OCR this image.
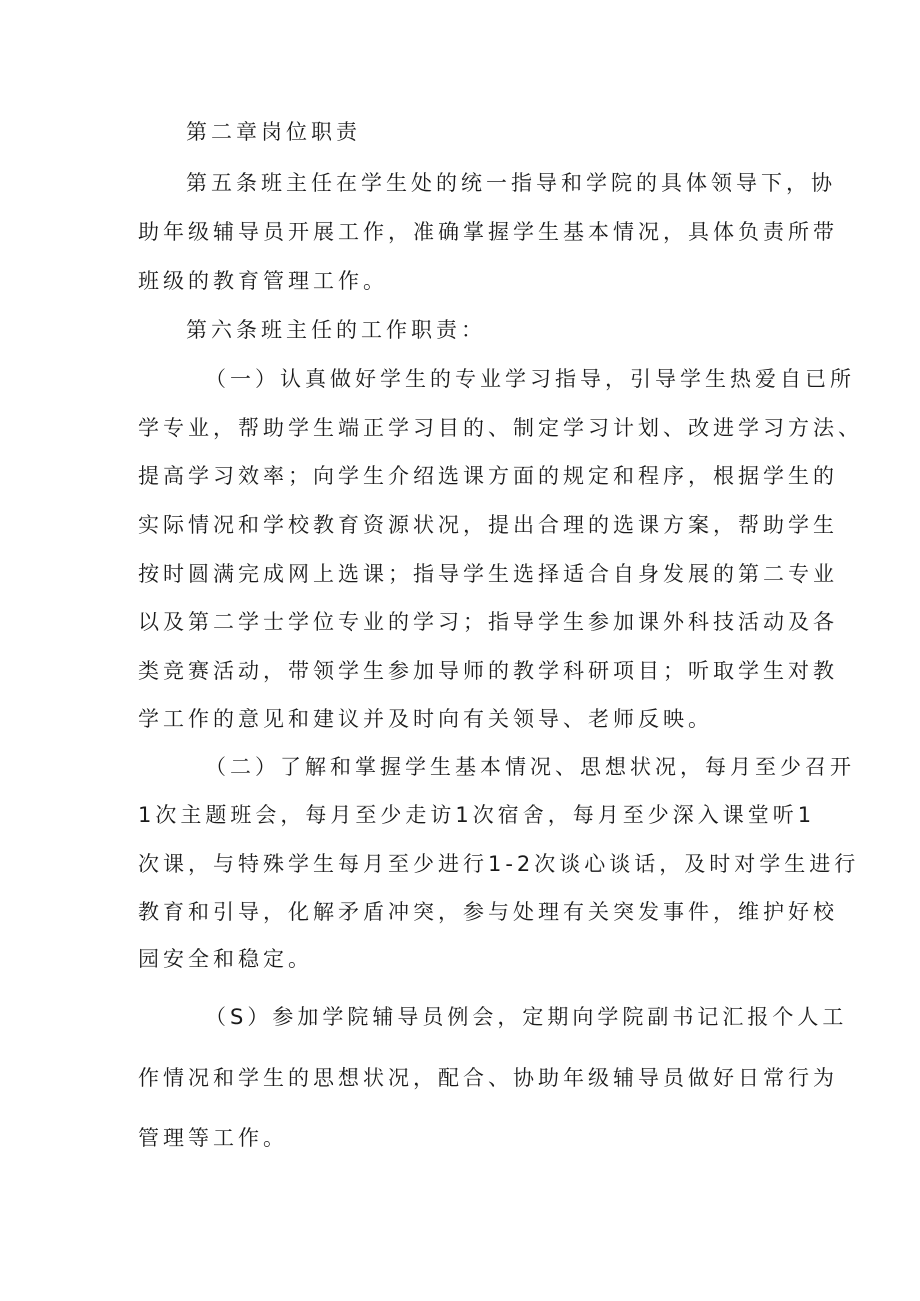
第二章岗位职责
第五条班主任在学生处的统一指导和学院的具体领导下，协
助年级辅导员开展工作，准确掌握学生基本情况，具体负责所带
班级的教育管理工作。
第六条班主任的工作职责：
（一）认真做好学生的专业学习指导，引导学生热爱自已所
学专业，帮助学生端正学习目的、制定学习计划、改进学习方法、
提高学习效率；向学生介绍选课方面的规定和程序，根据学生的
实际情况和学校教育资源状况，提出合理的选课方案，帮助学生
按时圆满完成网上选课；指导学生选择适合自身发展的第二专业
以及第二学士学位专业的学习；指导学生参加课外科技活动及各
类竞赛活动，带领学生参加导师的教学科研项目；听取学生对教
学工作的意见和建议并及时向有关领导、老师反映。
（二）了解和掌握学生基本情况、思想状况，每月至少召开
1次主题班会，每月至少走访1次宿舍，每月至少深入课堂听1
次课，与特殊学生每月至少进行1-2次谈心谈话，及时对学生进行
教育和引导，化解矛盾冲突，参与处理有关突发事件，维护好校
园安全和稳定。
（S）参加学院辅导员例会，定期向学院副书记汇报个人工
作情况和学生的思想状况，配合、协助年级辅导员做好日常行为
管理等工作。
